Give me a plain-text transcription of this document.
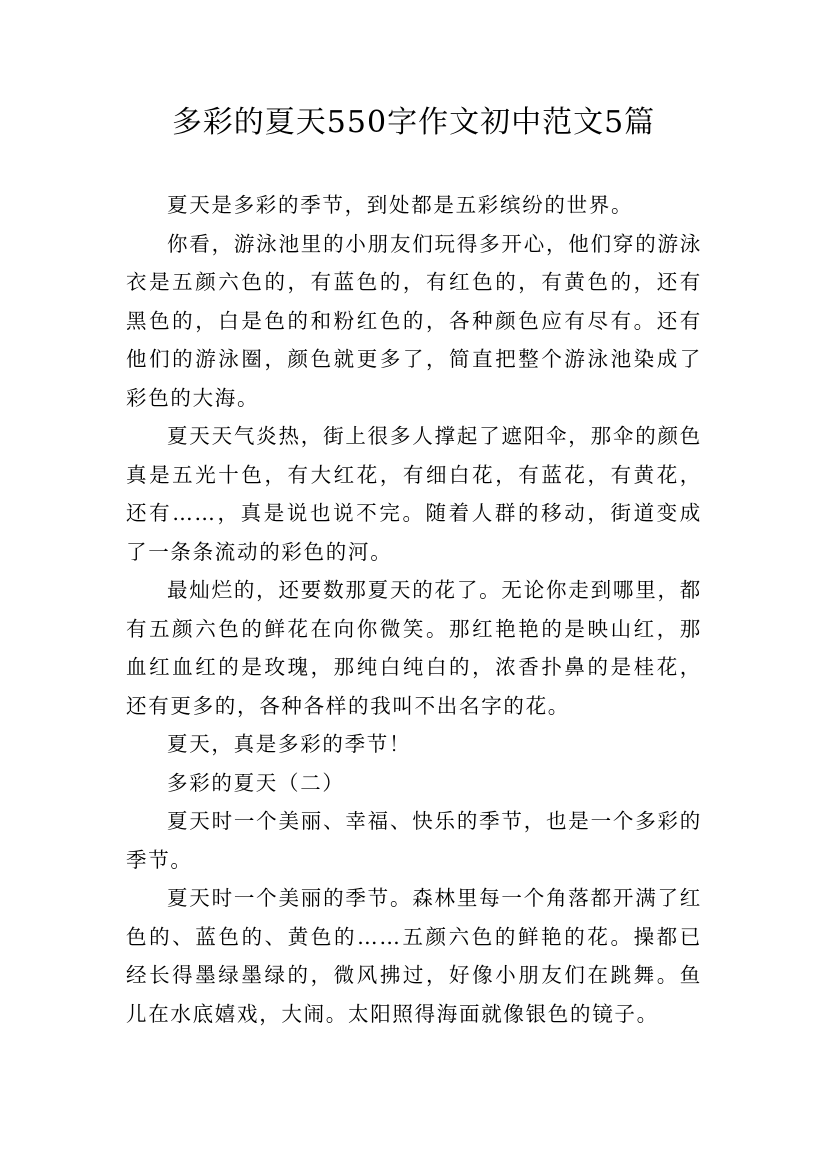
多彩的夏天550字作文初中范文5篇

夏天是多彩的季节，到处都是五彩缤纷的世界。

你看，游泳池里的小朋友们玩得多开心，他们穿的游泳衣是五颜六色的，有蓝色的，有红色的，有黄色的，还有黑色的，白是色的和粉红色的，各种颜色应有尽有。还有他们的游泳圈，颜色就更多了，简直把整个游泳池染成了彩色的大海。

夏天天气炎热，街上很多人撑起了遮阳伞，那伞的颜色真是五光十色，有大红花，有细白花，有蓝花，有黄花，还有……，真是说也说不完。随着人群的移动，街道变成了一条条流动的彩色的河。

最灿烂的，还要数那夏天的花了。无论你走到哪里，都有五颜六色的鲜花在向你微笑。那红艳艳的是映山红，那血红血红的是玫瑰，那纯白纯白的，浓香扑鼻的是桂花，还有更多的，各种各样的我叫不出名字的花。

夏天，真是多彩的季节！

多彩的夏天（二）

夏天时一个美丽、幸福、快乐的季节，也是一个多彩的季节。

夏天时一个美丽的季节。森林里每一个角落都开满了红色的、蓝色的、黄色的……五颜六色的鲜艳的花。操都已经长得墨绿墨绿的，微风拂过，好像小朋友们在跳舞。鱼儿在水底嬉戏，大闹。太阳照得海面就像银色的镜子。
